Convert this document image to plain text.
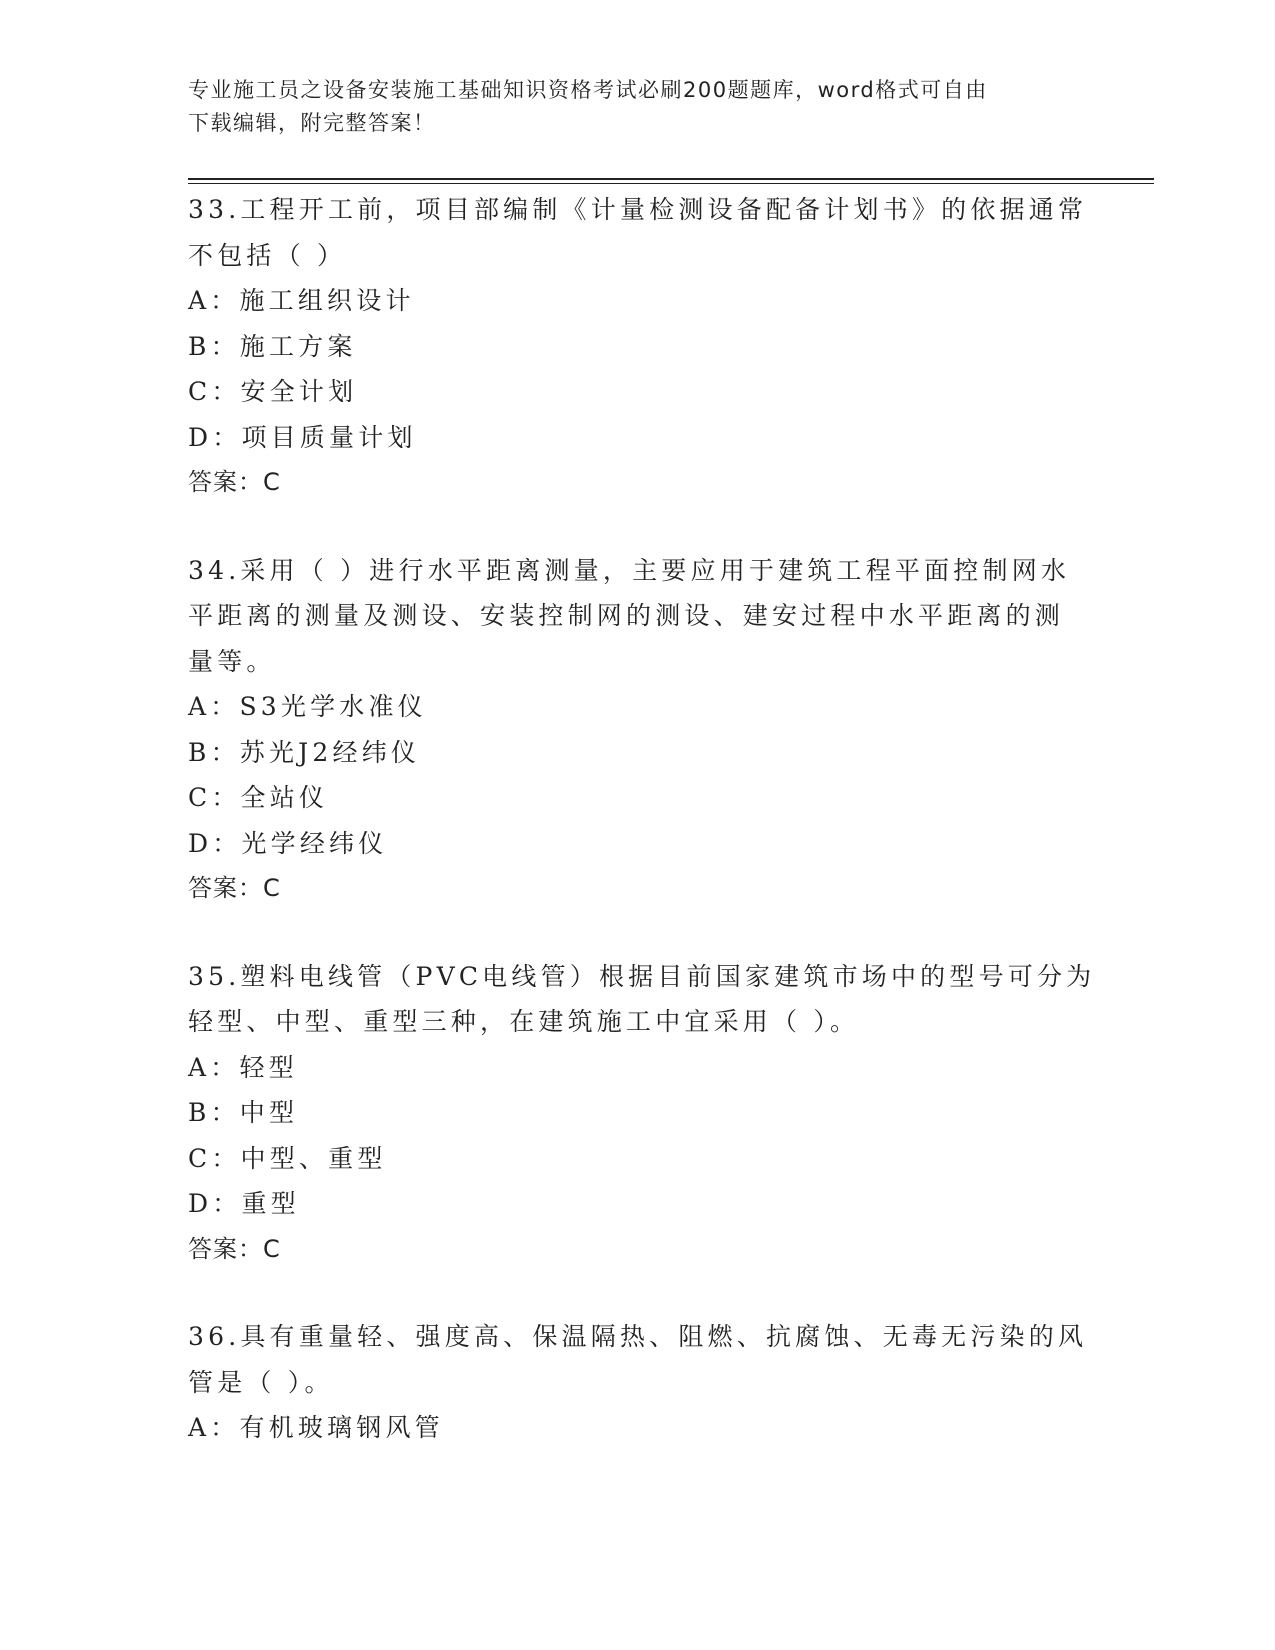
专业施工员之设备安装施工基础知识资格考试必刷200题题库，word格式可自由
下载编辑，附完整答案！
33.工程开工前，项目部编制《计量检测设备配备计划书》的依据通常
不包括（ ）
A：施工组织设计
B：施工方案
C：安全计划
D：项目质量计划
答案：C
34.采用（ ）进行水平距离测量，主要应用于建筑工程平面控制网水
平距离的测量及测设、安装控制网的测设、建安过程中水平距离的测
量等。
A：S3光学水准仪
B：苏光J2经纬仪
C：全站仪
D：光学经纬仪
答案：C
35.塑料电线管（PVC电线管）根据目前国家建筑市场中的型号可分为
轻型、中型、重型三种，在建筑施工中宜采用（ ）。
A：轻型
B：中型
C：中型、重型
D：重型
答案：C
36.具有重量轻、强度高、保温隔热、阻燃、抗腐蚀、无毒无污染的风
管是（ ）。
A：有机玻璃钢风管
